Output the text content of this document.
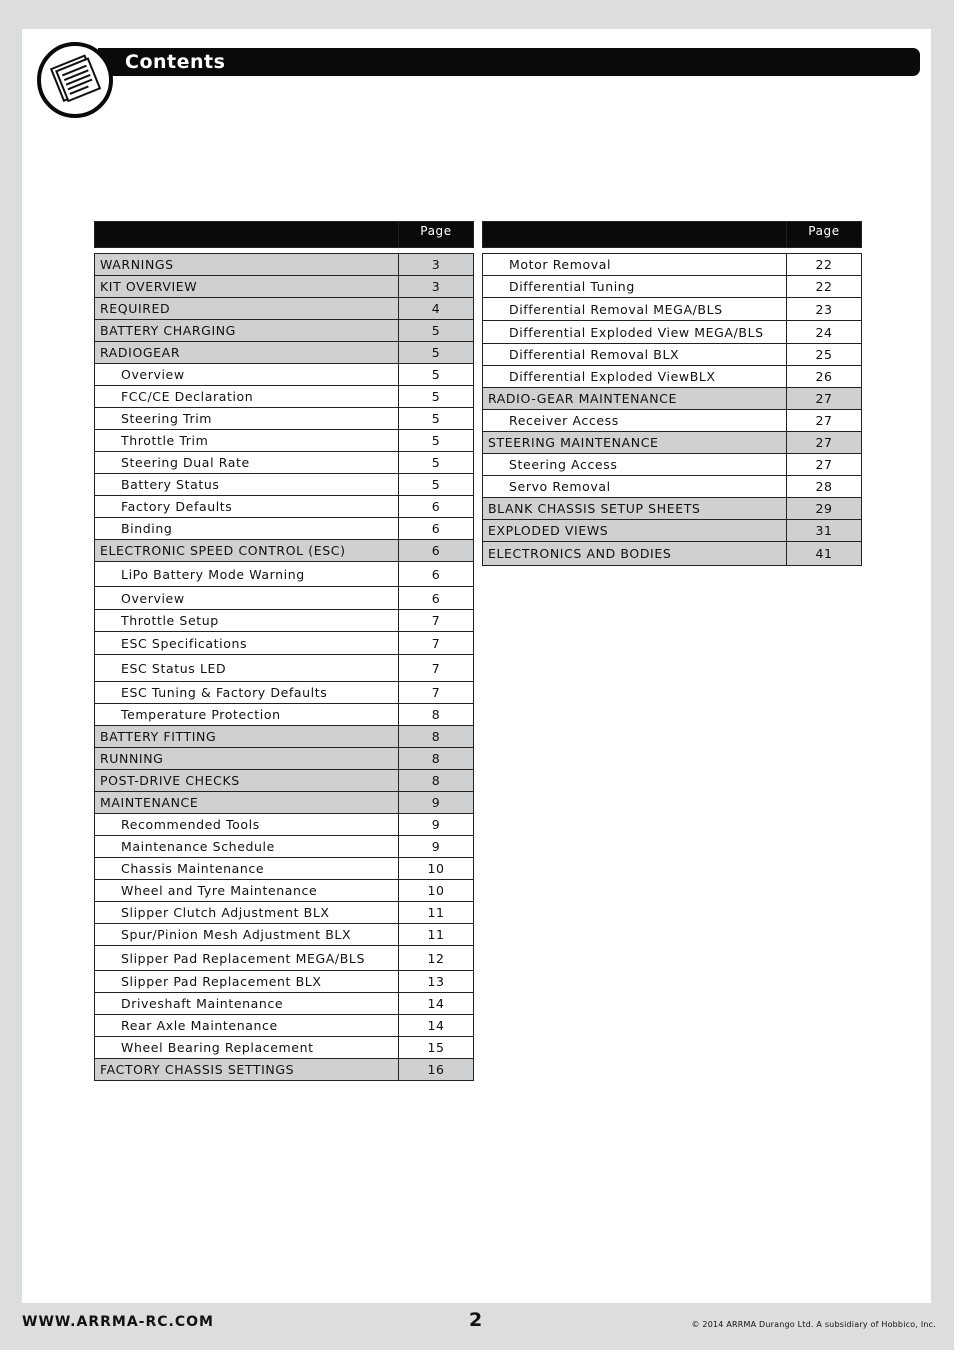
Contents
	Page

WARNINGS	3
KIT OVERVIEW	3
REQUIRED	4
BATTERY CHARGING	5
RADIOGEAR	5
Overview	5
FCC/CE Declaration	5
Steering Trim	5
Throttle Trim	5
Steering Dual Rate	5
Battery Status	5
Factory Defaults	6
Binding	6
ELECTRONIC SPEED CONTROL (ESC)	6
LiPo Battery Mode Warning	6
Overview	6
Throttle Setup	7
ESC Specifications	7
ESC Status LED	7
ESC Tuning & Factory Defaults	7
Temperature Protection	8
BATTERY FITTING	8
RUNNING	8
POST-DRIVE CHECKS	8
MAINTENANCE	9
Recommended Tools	9
Maintenance Schedule	9
Chassis Maintenance	10
Wheel and Tyre Maintenance	10
Slipper Clutch Adjustment BLX	11
Spur/Pinion Mesh Adjustment BLX	11
Slipper Pad Replacement MEGA/BLS	12
Slipper Pad Replacement BLX	13
Driveshaft Maintenance	14
Rear Axle Maintenance	14
Wheel Bearing Replacement	15
FACTORY CHASSIS SETTINGS	16
	Page

Motor Removal	22
Differential Tuning	22
Differential Removal MEGA/BLS	23
Differential Exploded View MEGA/BLS	24
Differential Removal BLX	25
Differential Exploded ViewBLX	26
RADIO-GEAR MAINTENANCE	27
Receiver Access	27
STEERING MAINTENANCE	27
Steering Access	27
Servo Removal	28
BLANK CHASSIS SETUP SHEETS	29
EXPLODED VIEWS	31
ELECTRONICS AND BODIES	41
WWW.ARRMA-RC.COM	2	© 2014 ARRMA Durango Ltd. A subsidiary of Hobbico, Inc.
